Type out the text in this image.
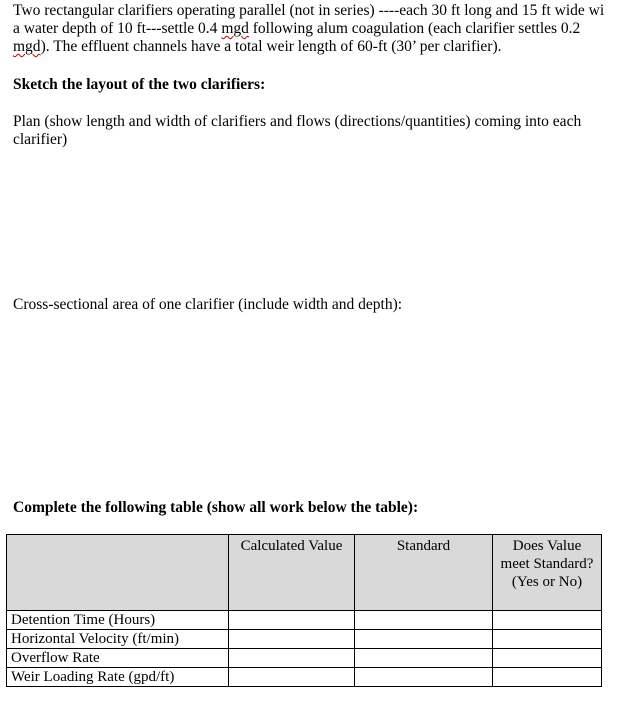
Two rectangular clarifiers operating parallel (not in series) ----each 30 ft long and 15 ft wide wi
a water depth of 10 ft---settle 0.4 mgd following alum coagulation (each clarifier settles 0.2
mgd). The effluent channels have a total weir length of 60-ft (30’ per clarifier).
Sketch the layout of the two clarifiers:
Plan (show length and width of clarifiers and flows (directions/quantities) coming into each
clarifier)
Cross-sectional area of one clarifier (include width and depth):
Complete the following table (show all work below the table):
	Calculated Value	Standard	Does Value meet Standard? (Yes or No)
Detention Time (Hours)			
Horizontal Velocity (ft/min)			
Overflow Rate			
Weir Loading Rate (gpd/ft)			
